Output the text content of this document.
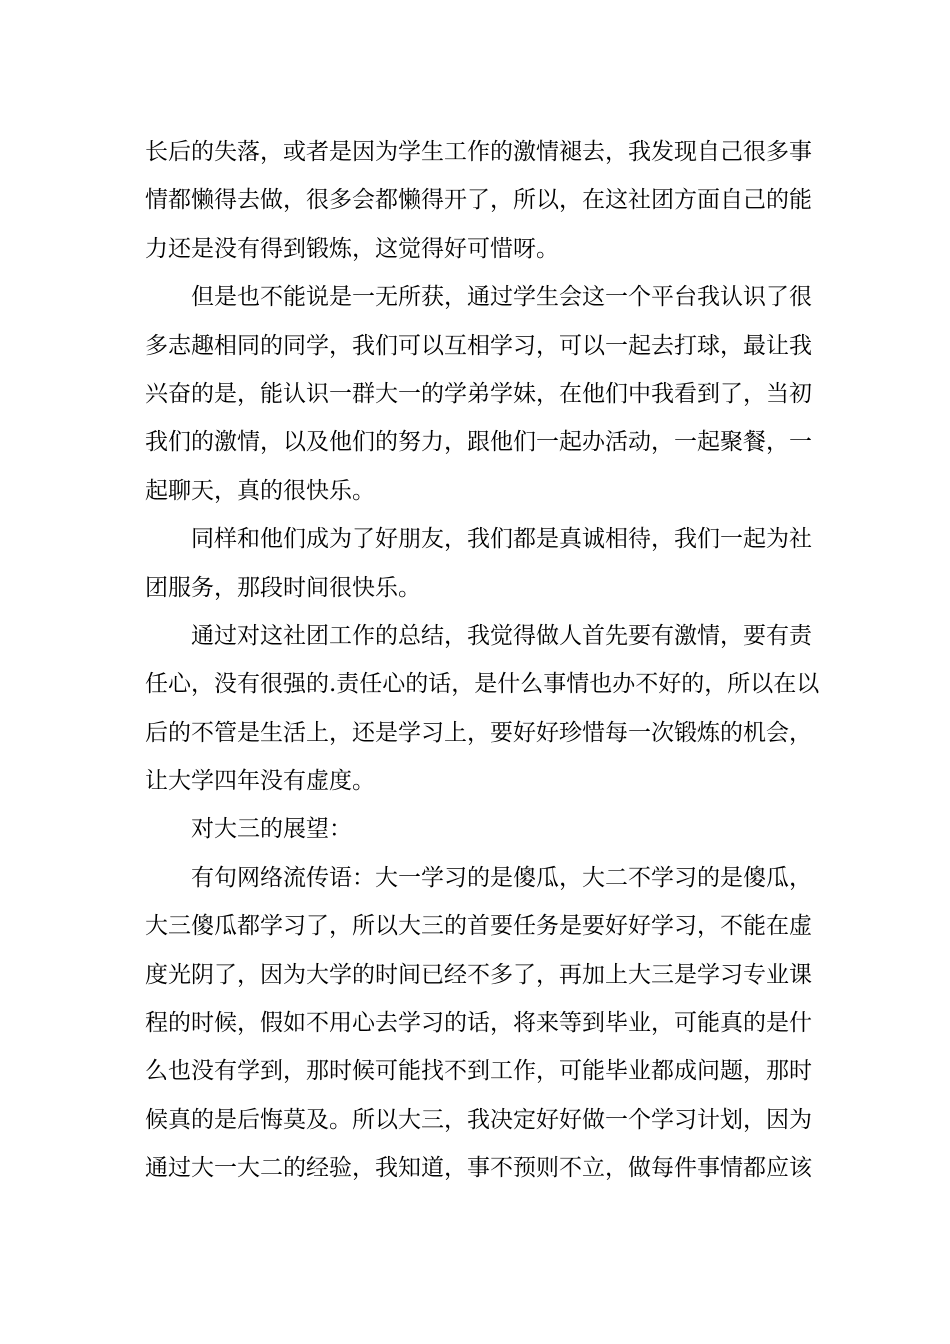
长后的失落，或者是因为学生工作的激情褪去，我发现自己很多事
情都懒得去做，很多会都懒得开了，所以，在这社团方面自己的能
力还是没有得到锻炼，这觉得好可惜呀。
但是也不能说是一无所获，通过学生会这一个平台我认识了很
多志趣相同的同学，我们可以互相学习，可以一起去打球，最让我
兴奋的是，能认识一群大一的学弟学妹，在他们中我看到了，当初
我们的激情，以及他们的努力，跟他们一起办活动，一起聚餐，一
起聊天，真的很快乐。
同样和他们成为了好朋友，我们都是真诚相待，我们一起为社
团服务，那段时间很快乐。
通过对这社团工作的总结，我觉得做人首先要有激情，要有责
任心，没有很强的.责任心的话，是什么事情也办不好的，所以在以
后的不管是生活上，还是学习上，要好好珍惜每一次锻炼的机会，
让大学四年没有虚度。
对大三的展望：
有句网络流传语：大一学习的是傻瓜，大二不学习的是傻瓜，
大三傻瓜都学习了，所以大三的首要任务是要好好学习，不能在虚
度光阴了，因为大学的时间已经不多了，再加上大三是学习专业课
程的时候，假如不用心去学习的话，将来等到毕业，可能真的是什
么也没有学到，那时候可能找不到工作，可能毕业都成问题，那时
候真的是后悔莫及。所以大三，我决定好好做一个学习计划，因为
通过大一大二的经验，我知道，事不预则不立，做每件事情都应该
